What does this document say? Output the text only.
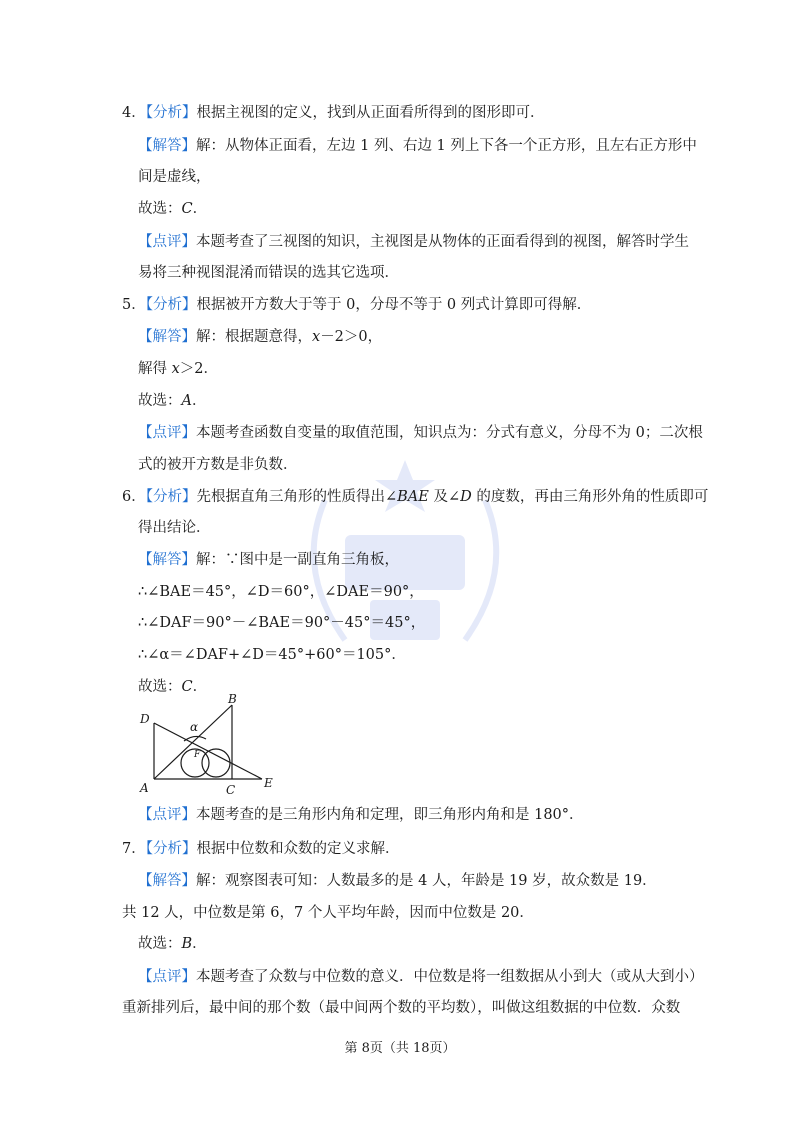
4．【分析】根据主视图的定义，找到从正面看所得到的图形即可．
【解答】解：从物体正面看，左边 1 列、右边 1 列上下各一个正方形，且左右正方形中
间是虚线，
故选：C．
【点评】本题考查了三视图的知识，主视图是从物体的正面看得到的视图，解答时学生
易将三种视图混淆而错误的选其它选项．
5．【分析】根据被开方数大于等于 0，分母不等于 0 列式计算即可得解．
【解答】解：根据题意得，x－2＞0，
解得 x＞2．
故选：A．
【点评】本题考查函数自变量的取值范围，知识点为：分式有意义，分母不为 0；二次根
式的被开方数是非负数．
6．【分析】先根据直角三角形的性质得出∠BAE 及∠D 的度数，再由三角形外角的性质即可
得出结论．
【解答】解：∵图中是一副直角三角板，
∴∠BAE＝45°，∠D＝60°，∠DAE＝90°，
∴∠DAF＝90°－∠BAE＝90°－45°＝45°，
∴∠α＝∠DAF+∠D＝45°+60°＝105°．
故选：C．
D
B
α
F
A	C E
【点评】本题考查的是三角形内角和定理，即三角形内角和是 180°．
7．【分析】根据中位数和众数的定义求解．
【解答】解：观察图表可知：人数最多的是 4 人，年龄是 19 岁，故众数是 19．
共 12 人，中位数是第 6，7 个人平均年龄，因而中位数是 20．
故选：B．
【点评】本题考查了众数与中位数的意义．中位数是将一组数据从小到大（或从大到小）
重新排列后，最中间的那个数（最中间两个数的平均数），叫做这组数据的中位数．众数
第 8页（共 18页）
